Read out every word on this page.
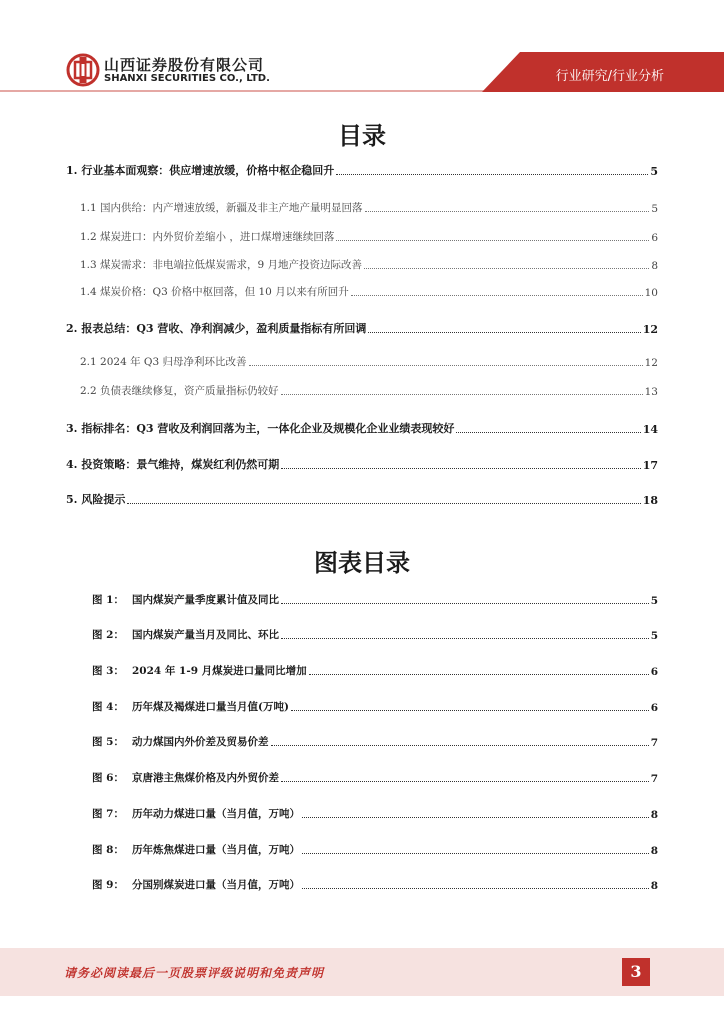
山西证券股份有限公司
SHANXI SECURITIES CO., LTD.	行业研究/行业分析
目录
1. 行业基本面观察：供应增速放缓，价格中枢企稳回升	5
1.1 国内供给：内产增速放缓，新疆及非主产地产量明显回落	5
1.2 煤炭进口：内外贸价差缩小 ，进口煤增速继续回落	6
1.3 煤炭需求：非电端拉低煤炭需求，9 月地产投资边际改善	8
1.4 煤炭价格：Q3 价格中枢回落，但 10 月以来有所回升	10
2. 报表总结：Q3 营收、净利润减少，盈利质量指标有所回调	12
2.1 2024 年 Q3 归母净利环比改善	12
2.2 负债表继续修复，资产质量指标仍较好	13
3. 指标排名：Q3 营收及利润回落为主，一体化企业及规模化企业业绩表现较好	14
4. 投资策略：景气维持，煤炭红利仍然可期	17
5. 风险提示	18
图表目录
图 1： 国内煤炭产量季度累计值及同比	5
图 2： 国内煤炭产量当月及同比、环比	5
图 3： 2024 年 1-9 月煤炭进口量同比增加	6
图 4： 历年煤及褐煤进口量当月值(万吨)	6
图 5： 动力煤国内外价差及贸易价差	7
图 6： 京唐港主焦煤价格及内外贸价差	7
图 7： 历年动力煤进口量（当月值，万吨）	8
图 8： 历年炼焦煤进口量（当月值，万吨）	8
图 9： 分国别煤炭进口量（当月值，万吨）	8
请务必阅读最后一页股票评级说明和免责声明	3
